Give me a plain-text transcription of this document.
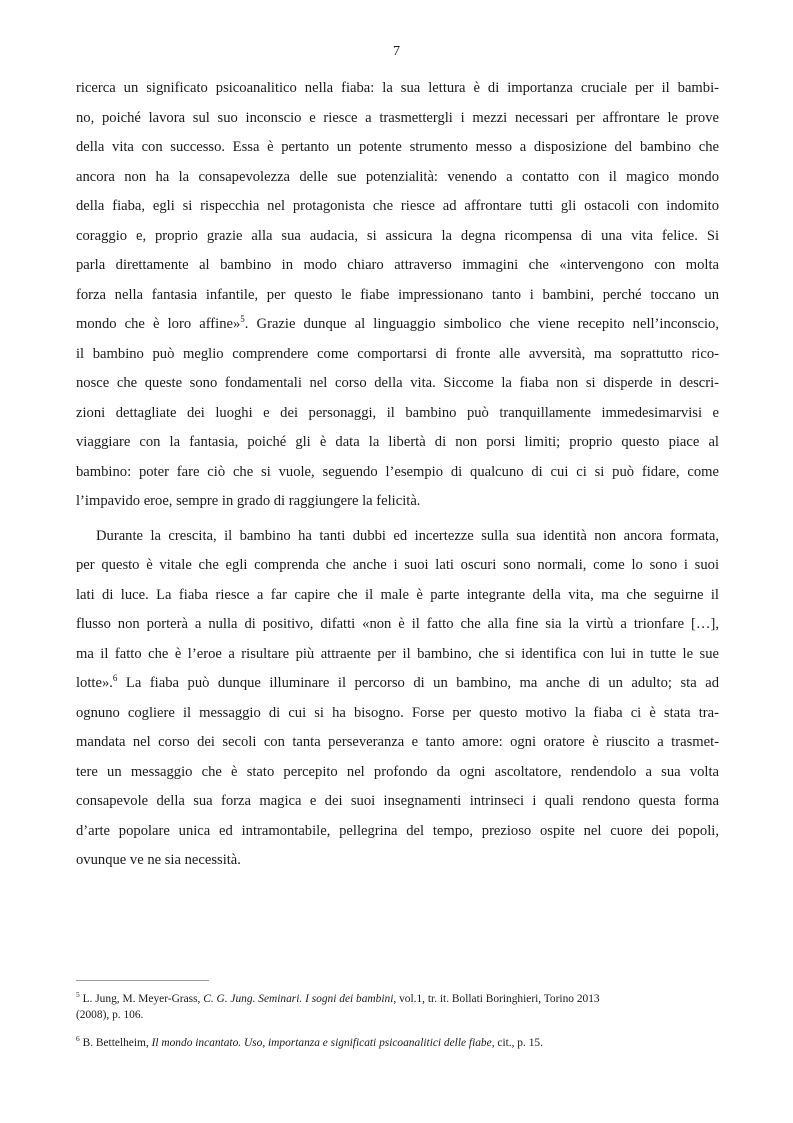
7
ricerca un significato psicoanalitico nella fiaba: la sua lettura è di importanza cruciale per il bambi-
no, poiché lavora sul suo inconscio e riesce a trasmettergli i mezzi necessari per affrontare le prove
della vita con successo. Essa è pertanto un potente strumento messo a disposizione del bambino che
ancora non ha la consapevolezza delle sue potenzialità: venendo a contatto con il magico mondo
della fiaba, egli si rispecchia nel protagonista che riesce ad affrontare tutti gli ostacoli con indomito
coraggio e, proprio grazie alla sua audacia, si assicura la degna ricompensa di una vita felice. Si
parla direttamente al bambino in modo chiaro attraverso immagini che «intervengono con molta
forza nella fantasia infantile, per questo le fiabe impressionano tanto i bambini, perché toccano un
mondo che è loro affine»$^5$. Grazie dunque al linguaggio simbolico che viene recepito nell’inconscio,
il bambino può meglio comprendere come comportarsi di fronte alle avversità, ma soprattutto rico-
nosce che queste sono fondamentali nel corso della vita. Siccome la fiaba non si disperde in descri-
zioni dettagliate dei luoghi e dei personaggi, il bambino può tranquillamente immedesimarvisi e
viaggiare con la fantasia, poiché gli è data la libertà di non porsi limiti; proprio questo piace al
bambino: poter fare ciò che si vuole, seguendo l’esempio di qualcuno di cui ci si può fidare, come
l’impavido eroe, sempre in grado di raggiungere la felicità.
Durante la crescita, il bambino ha tanti dubbi ed incertezze sulla sua identità non ancora formata,
per questo è vitale che egli comprenda che anche i suoi lati oscuri sono normali, come lo sono i suoi
lati di luce. La fiaba riesce a far capire che il male è parte integrante della vita, ma che seguirne il
flusso non porterà a nulla di positivo, difatti «non è il fatto che alla fine sia la virtù a trionfare […],
ma il fatto che è l’eroe a risultare più attraente per il bambino, che si identifica con lui in tutte le sue
lotte».$^6$ La fiaba può dunque illuminare il percorso di un bambino, ma anche di un adulto; sta ad
ognuno cogliere il messaggio di cui si ha bisogno. Forse per questo motivo la fiaba ci è stata tra-
mandata nel corso dei secoli con tanta perseveranza e tanto amore: ogni oratore è riuscito a trasmet-
tere un messaggio che è stato percepito nel profondo da ogni ascoltatore, rendendolo a sua volta
consapevole della sua forza magica e dei suoi insegnamenti intrinseci i quali rendono questa forma
d’arte popolare unica ed intramontabile, pellegrina del tempo, prezioso ospite nel cuore dei popoli,
ovunque ve ne sia necessità.
$^5$ L. Jung, M. Meyer-Grass, C. G. Jung. Seminari. I sogni dei bambini, vol.1, tr. it. Bollati Boringhieri, Torino 2013
(2008), p. 106.
$^6$ B. Bettelheim, Il mondo incantato. Uso, importanza e significati psicoanalitici delle fiabe, cit., p. 15.
